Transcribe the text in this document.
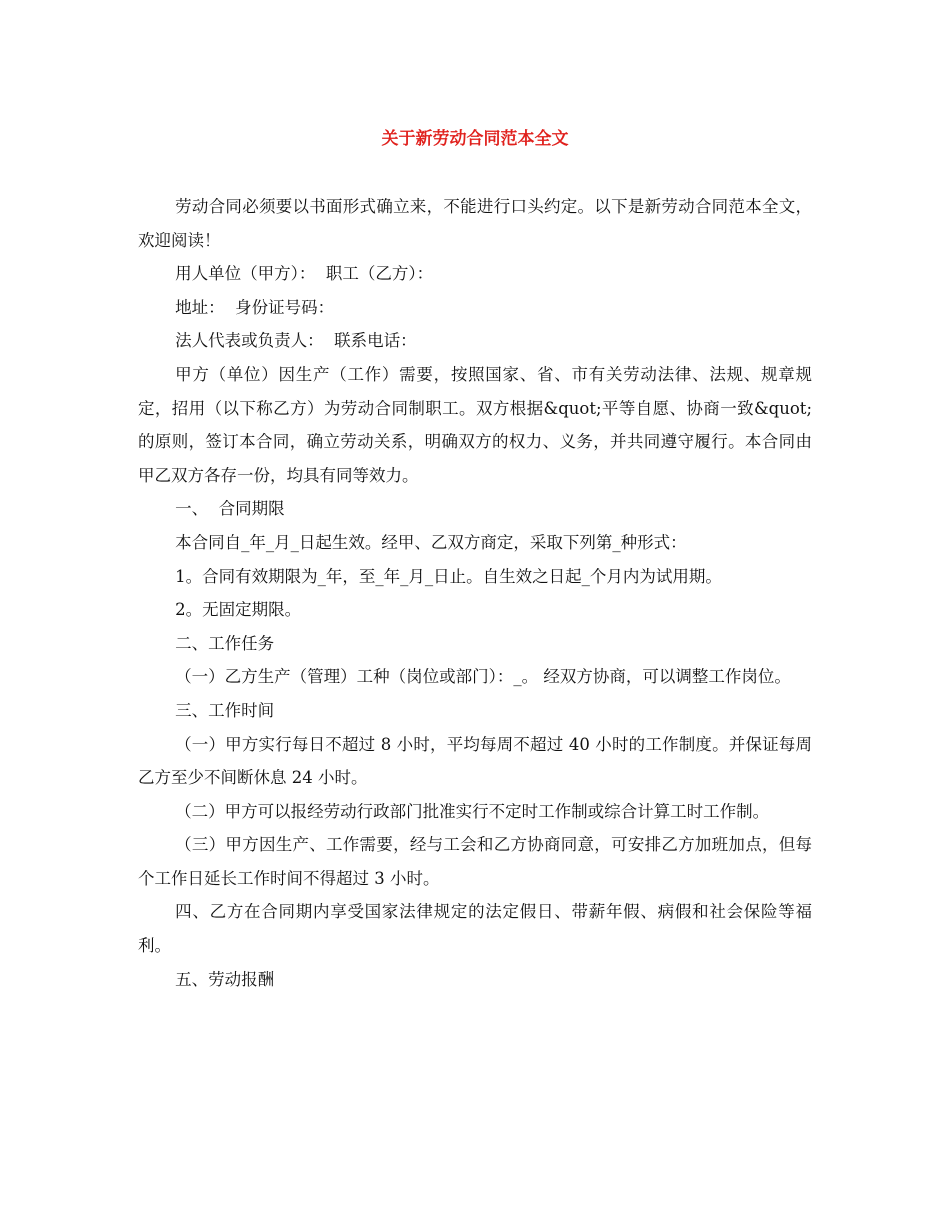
关于新劳动合同范本全文

劳动合同必须要以书面形式确立来，不能进行口头约定。以下是新劳动合同范本全文，欢迎阅读！

用人单位（甲方）：  职工（乙方）：

地址：  身份证号码：

法人代表或负责人：  联系电话：

甲方（单位）因生产（工作）需要，按照国家、省、市有关劳动法律、法规、规章规定，招用（以下称乙方）为劳动合同制职工。双方根据&quot;平等自愿、协商一致&quot;的原则，签订本合同，确立劳动关系，明确双方的权力、义务，并共同遵守履行。本合同由甲乙双方各存一份，均具有同等效力。

一、  合同期限

本合同自_年_月_日起生效。经甲、乙双方商定，采取下列第_种形式：

1。合同有效期限为_年，至_年_月_日止。自生效之日起_个月内为试用期。

2。无固定期限。

二、工作任务

（一）乙方生产（管理）工种（岗位或部门）：_。 经双方协商，可以调整工作岗位。

三、工作时间

（一）甲方实行每日不超过 8 小时，平均每周不超过 40 小时的工作制度。并保证每周乙方至少不间断休息 24 小时。

（二）甲方可以报经劳动行政部门批准实行不定时工作制或综合计算工时工作制。

（三）甲方因生产、工作需要，经与工会和乙方协商同意，可安排乙方加班加点，但每个工作日延长工作时间不得超过 3 小时。

四、乙方在合同期内享受国家法律规定的法定假日、带薪年假、病假和社会保险等福利。

五、劳动报酬
